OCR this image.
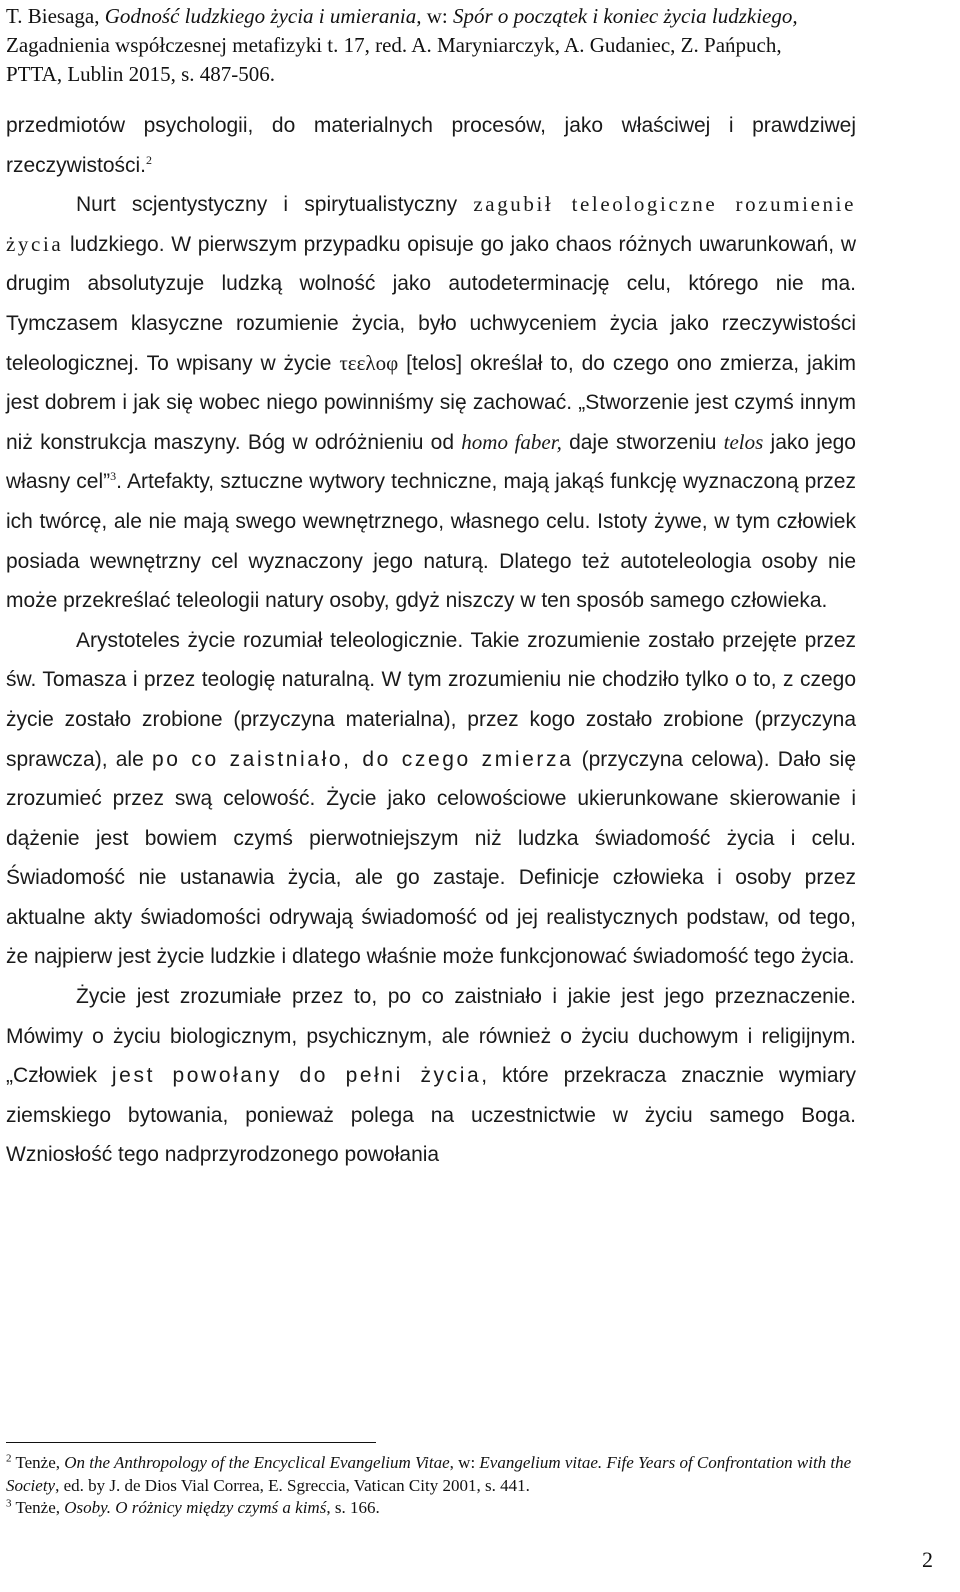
T. Biesaga, Godność ludzkiego życia i umierania, w: Spór o początek i koniec życia ludzkiego,
Zagadnienia współczesnej metafizyki t. 17, red. A. Maryniarczyk, A. Gudaniec, Z. Pańpuch,
PTTA, Lublin 2015, s. 487-506.

przedmiotów psychologii, do materialnych procesów, jako właściwej i prawdziwej rzeczywistości.$^2$

Nurt scjentystyczny i spirytualistyczny zagubił teleologiczne rozumienie życia ludzkiego. W pierwszym przypadku opisuje go jako chaos różnych uwarunkowań, w drugim absolutyzuje ludzką wolność jako autodeterminację celu, którego nie ma. Tymczasem klasyczne rozumienie życia, było uchwyceniem życia jako rzeczywistości teleologicznej. To wpisany w życie τεελοφ [telos] określał to, do czego ono zmierza, jakim jest dobrem i jak się wobec niego powinniśmy się zachować. „Stworzenie jest czymś innym niż konstrukcja maszyny. Bóg w odróżnieniu od homo faber, daje stworzeniu telos jako jego własny cel”$^3$. Artefakty, sztuczne wytwory techniczne, mają jakąś funkcję wyznaczoną przez ich twórcę, ale nie mają swego wewnętrznego, własnego celu. Istoty żywe, w tym człowiek posiada wewnętrzny cel wyznaczony jego naturą. Dlatego też autoteleologia osoby nie może przekreślać teleologii natury osoby, gdyż niszczy w ten sposób samego człowieka.

Arystoteles życie rozumiał teleologicznie. Takie zrozumienie zostało przejęte przez św. Tomasza i przez teologię naturalną. W tym zrozumieniu nie chodziło tylko o to, z czego życie zostało zrobione (przyczyna materialna), przez kogo zostało zrobione (przyczyna sprawcza), ale po co zaistniało, do czego zmierza (przyczyna celowa). Dało się zrozumieć przez swą celowość. Życie jako celowościowe ukierunkowane skierowanie i dążenie jest bowiem czymś pierwotniejszym niż ludzka świadomość życia i celu. Świadomość nie ustanawia życia, ale go zastaje. Definicje człowieka i osoby przez aktualne akty świadomości odrywają świadomość od jej realistycznych podstaw, od tego, że najpierw jest życie ludzkie i dlatego właśnie może funkcjonować świadomość tego życia.

Życie jest zrozumiałe przez to, po co zaistniało i jakie jest jego przeznaczenie. Mówimy o życiu biologicznym, psychicznym, ale również o życiu duchowym i religijnym. „Człowiek jest powołany do pełni życia, które przekracza znacznie wymiary ziemskiego bytowania, ponieważ polega na uczestnictwie w życiu samego Boga. Wzniosłość tego nadprzyrodzonego powołania

$^2$ Tenże, On the Anthropology of the Encyclical Evangelium Vitae, w: Evangelium vitae. Fife Years of Confrontation with the Society, ed. by J. de Dios Vial Correa, E. Sgreccia, Vatican City 2001, s. 441.

$^3$ Tenże, Osoby. O różnicy między czymś a kimś, s. 166.

2
